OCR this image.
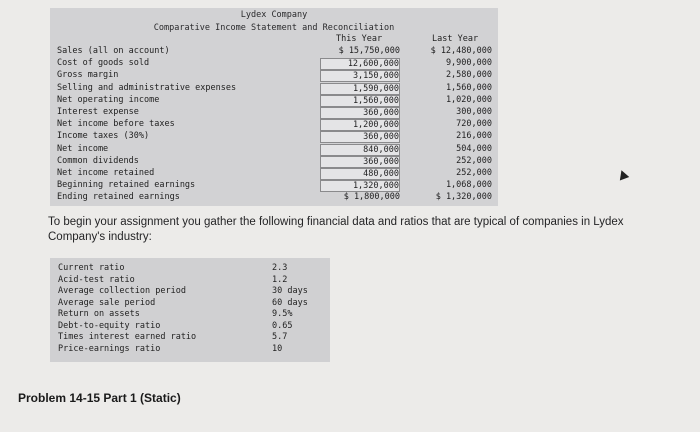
Lydex Company
Comparative Income Statement and Reconciliation
This Year	Last Year
Sales (all on account)	$ 15,750,000	$ 12,480,000
Cost of goods sold	12,600,000	9,900,000
Gross margin	3,150,000	2,580,000
Selling and administrative expenses	1,590,000	1,560,000
Net operating income	1,560,000	1,020,000
Interest expense	360,000	300,000
Net income before taxes	1,200,000	720,000
Income taxes (30%)	360,000	216,000
Net income	840,000	504,000
Common dividends	360,000	252,000
Net income retained	480,000	252,000
Beginning retained earnings	1,320,000	1,068,000
Ending retained earnings	$ 1,800,000	$ 1,320,000
To begin your assignment you gather the following financial data and ratios that are typical of companies in Lydex Company's industry:
Current ratio	2.3
Acid-test ratio	1.2
Average collection period	30 days
Average sale period	60 days
Return on assets	9.5%
Debt-to-equity ratio	0.65
Times interest earned ratio	5.7
Price-earnings ratio	10
Problem 14-15 Part 1 (Static)
